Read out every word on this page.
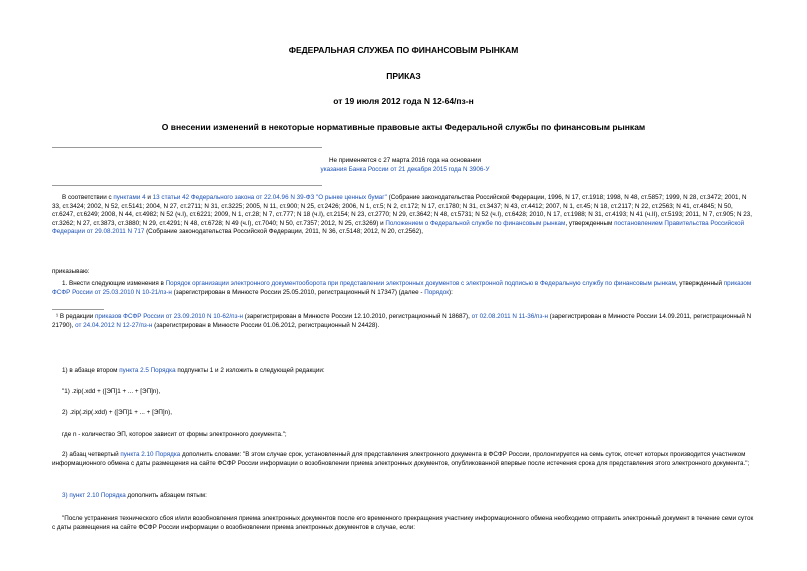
ФЕДЕРАЛЬНАЯ СЛУЖБА ПО ФИНАНСОВЫМ РЫНКАМ
ПРИКАЗ
от 19 июля 2012 года N 12-64/пз-н
О внесении изменений в некоторые нормативные правовые акты Федеральной службы по финансовым рынкам
Не применяется с 27 марта 2016 года на основании
указания Банка России от 21 декабря 2015 года N 3906-У
В соответствии с пунктами 4 и 13 статьи 42 Федерального закона от 22.04.96 N 39-ФЗ "О рынке ценных бумаг" (Собрание законодательства Российской Федерации, 1996, N 17, ст.1918; 1998, N 48, ст.5857; 1999, N 28, ст.3472; 2001, N 33, ст.3424; 2002, N 52, ст.5141; 2004, N 27, ст.2711; N 31, ст.3225; 2005, N 11, ст.900; N 25, ст.2426; 2006, N 1, ст.5; N 2, ст.172; N 17, ст.1780; N 31, ст.3437; N 43, ст.4412; 2007, N 1, ст.45; N 18, ст.2117; N 22, ст.2563; N 41, ст.4845; N 50, ст.6247, ст.6249; 2008, N 44, ст.4982; N 52 (ч.I), ст.6221; 2009, N 1, ст.28; N 7, ст.777; N 18 (ч.I), ст.2154; N 23, ст.2770; N 29, ст.3642; N 48, ст.5731; N 52 (ч.I), ст.6428; 2010, N 17, ст.1988; N 31, ст.4193; N 41 (ч.II), ст.5193; 2011, N 7, ст.905; N 23, ст.3262; N 27, ст.3873, ст.3880; N 29, ст.4291; N 48, ст.6728; N 49 (ч.I), ст.7040; N 50, ст.7357; 2012, N 25, ст.3269) и Положением о Федеральной службе по финансовым рынкам, утвержденным постановлением Правительства Российской Федерации от 29.08.2011 N 717 (Собрание законодательства Российской Федерации, 2011, N 36, ст.5148; 2012, N 20, ст.2562),
приказываю:
1. Внести следующие изменения в Порядок организации электронного документооборота при представлении электронных документов с электронной подписью в Федеральную службу по финансовым рынкам, утвержденный приказом ФСФР России от 25.03.2010 N 10-21/пз-н (зарегистрирован в Минюсте России 25.05.2010, регистрационный N 17347) (далее - Порядок):
¹ В редакции приказов ФСФР России от 23.09.2010 N 10-62/пз-н (зарегистрирован в Минюсте России 12.10.2010, регистрационный N 18687), от 02.08.2011 N 11-36/пз-н (зарегистрирован в Минюсте России 14.09.2011, регистрационный N 21790), от 24.04.2012 N 12-27/пз-н (зарегистрирован в Минюсте России 01.06.2012, регистрационный N 24428).
1) в абзаце втором пункта 2.5 Порядка подпункты 1 и 2 изложить в следующей редакции:
"1) .zip(.xdd + ([ЭП]1 + ... + [ЭП]n),
2) .zip(.zip(.xdd) + ([ЭП]1 + ... + [ЭП]n),
где n - количество ЭП, которое зависит от формы электронного документа.";
2) абзац четвертый пункта 2.10 Порядка дополнить словами: "В этом случае срок, установленный для представления электронного документа в ФСФР России, пролонгируется на семь суток, отсчет которых производится участником информационного обмена с даты размещения на сайте ФСФР России информации о возобновлении приема электронных документов, опубликованной впервые после истечения срока для представления этого электронного документа.";
3) пункт 2.10 Порядка дополнить абзацем пятым:
"После устранения технического сбоя и/или возобновления приема электронных документов после его временного прекращения участнику информационного обмена необходимо отправить электронный документ в течение семи суток с даты размещения на сайте ФСФР России информации о возобновлении приема электронных документов в случае, если:
